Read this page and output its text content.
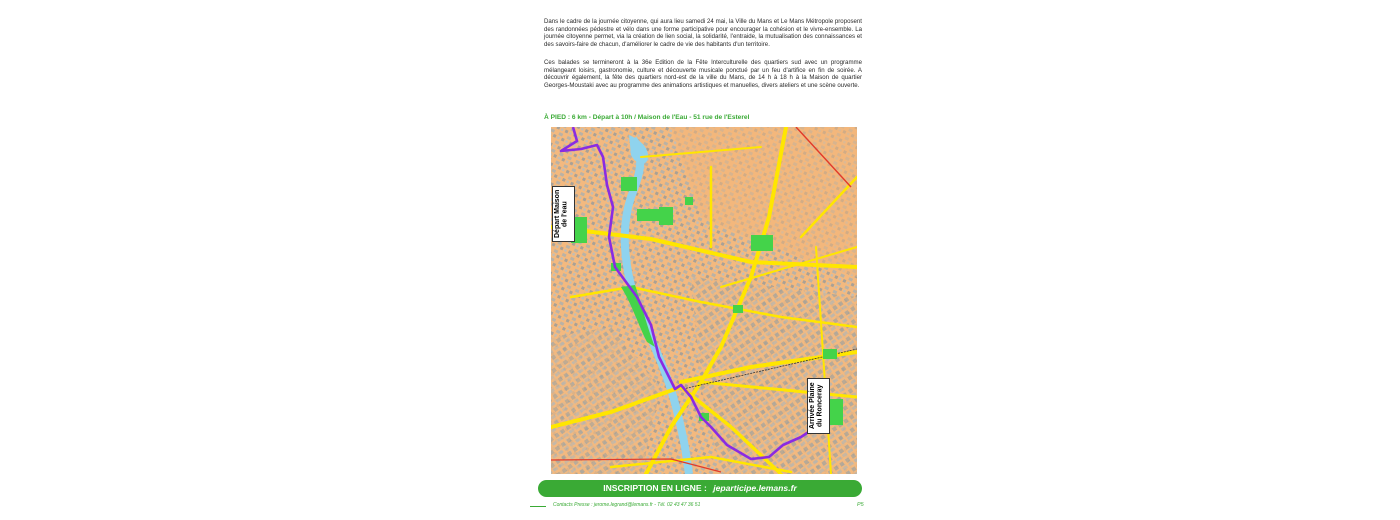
Dans le cadre de la journée citoyenne, qui aura lieu samedi 24 mai, la Ville du Mans et Le Mans Métropole proposent des randonnées pédestre et vélo dans une forme participative pour encourager la cohésion et le vivre-ensemble. La journée citoyenne permet, via la création de lien social, la solidarité, l'entraide, la mutualisation des connaissances et des savoirs-faire de chacun, d'améliorer le cadre de vie des habitants d'un territoire.

Ces balades se termineront à la 36e Edition de la Fête Interculturelle des quartiers sud avec un programme mélangeant loisirs, gastronomie, culture et découverte musicale ponctué par un feu d'artifice en fin de soirée. A découvrir également, la fête des quartiers nord-est de la ville du Mans, de 14 h à 18 h à la Maison de quartier Georges-Moustaki avec au programme des animations artistiques et manuelles, divers ateliers et une scène ouverte.

À PIED : 6 km - Départ à 10h / Maison de l'Eau - 51 rue de l'Esterel
Départ Maison de l'eau
Arrivée Plaine du Ronceray
INSCRIPTION EN LIGNE : jeparticipe.lemans.fr
Contacts Presse : jerome.legrand@lemans.fr - Tél. 02 43 47 36 51	P5
